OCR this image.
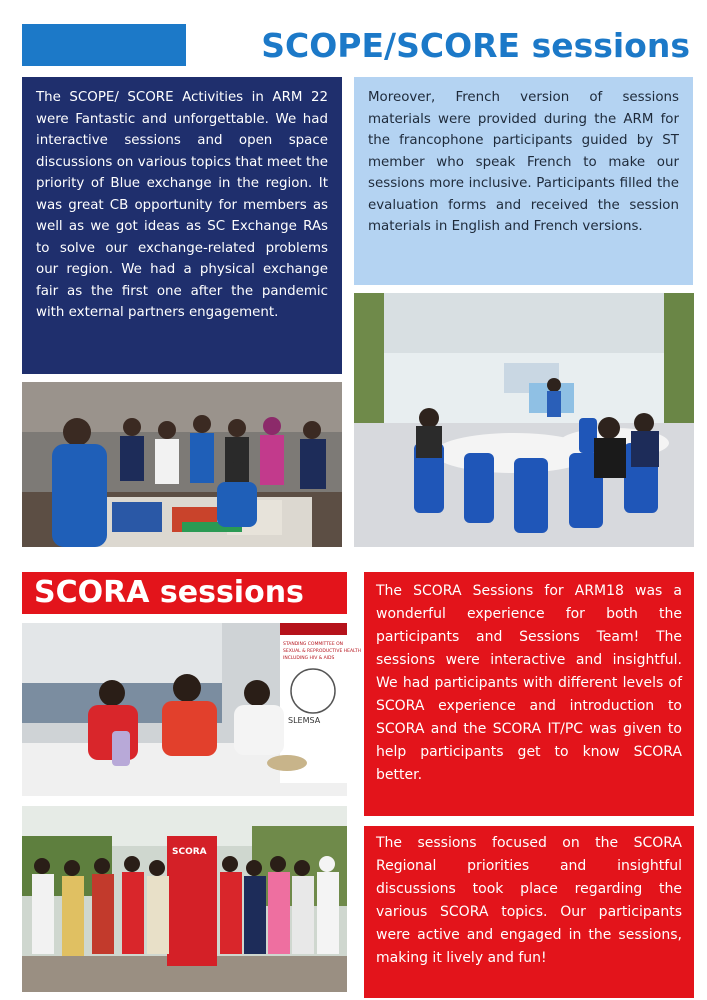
SCOPE/SCORE sessions
The SCOPE/ SCORE Activities in ARM 22 were Fantastic and unforgettable. We had interactive sessions and open space discussions on various topics that meet the priority of Blue exchange in the region. It was great CB opportunity for members as well as we got ideas as SC Exchange RAs to solve our exchange-related problems our region. We had a physical exchange fair as the first one after the pandemic with external partners engagement.
Moreover, French version of sessions materials were provided during the ARM for the francophone participants guided by ST member who speak French to make our sessions more inclusive. Participants filled the evaluation forms and received the session materials in English and French versions.
SCORA sessions	The SCORA Sessions for ARM18 was a wonderful experience for both the participants and Sessions Team! The sessions were interactive and insightful. We had participants with different levels of SCORA experience and introduction to SCORA and the SCORA IT/PC was given to help participants get to know SCORA better.
The sessions focused on the SCORA Regional priorities and insightful discussions took place regarding the various SCORA topics. Our participants were active and engaged in the sessions, making it lively and fun!
STANDING COMMITTEE ON
SEXUAL & REPRODUCTIVE HEALTH
INCLUDING HIV & AIDS
SLEMSA
SCORA
